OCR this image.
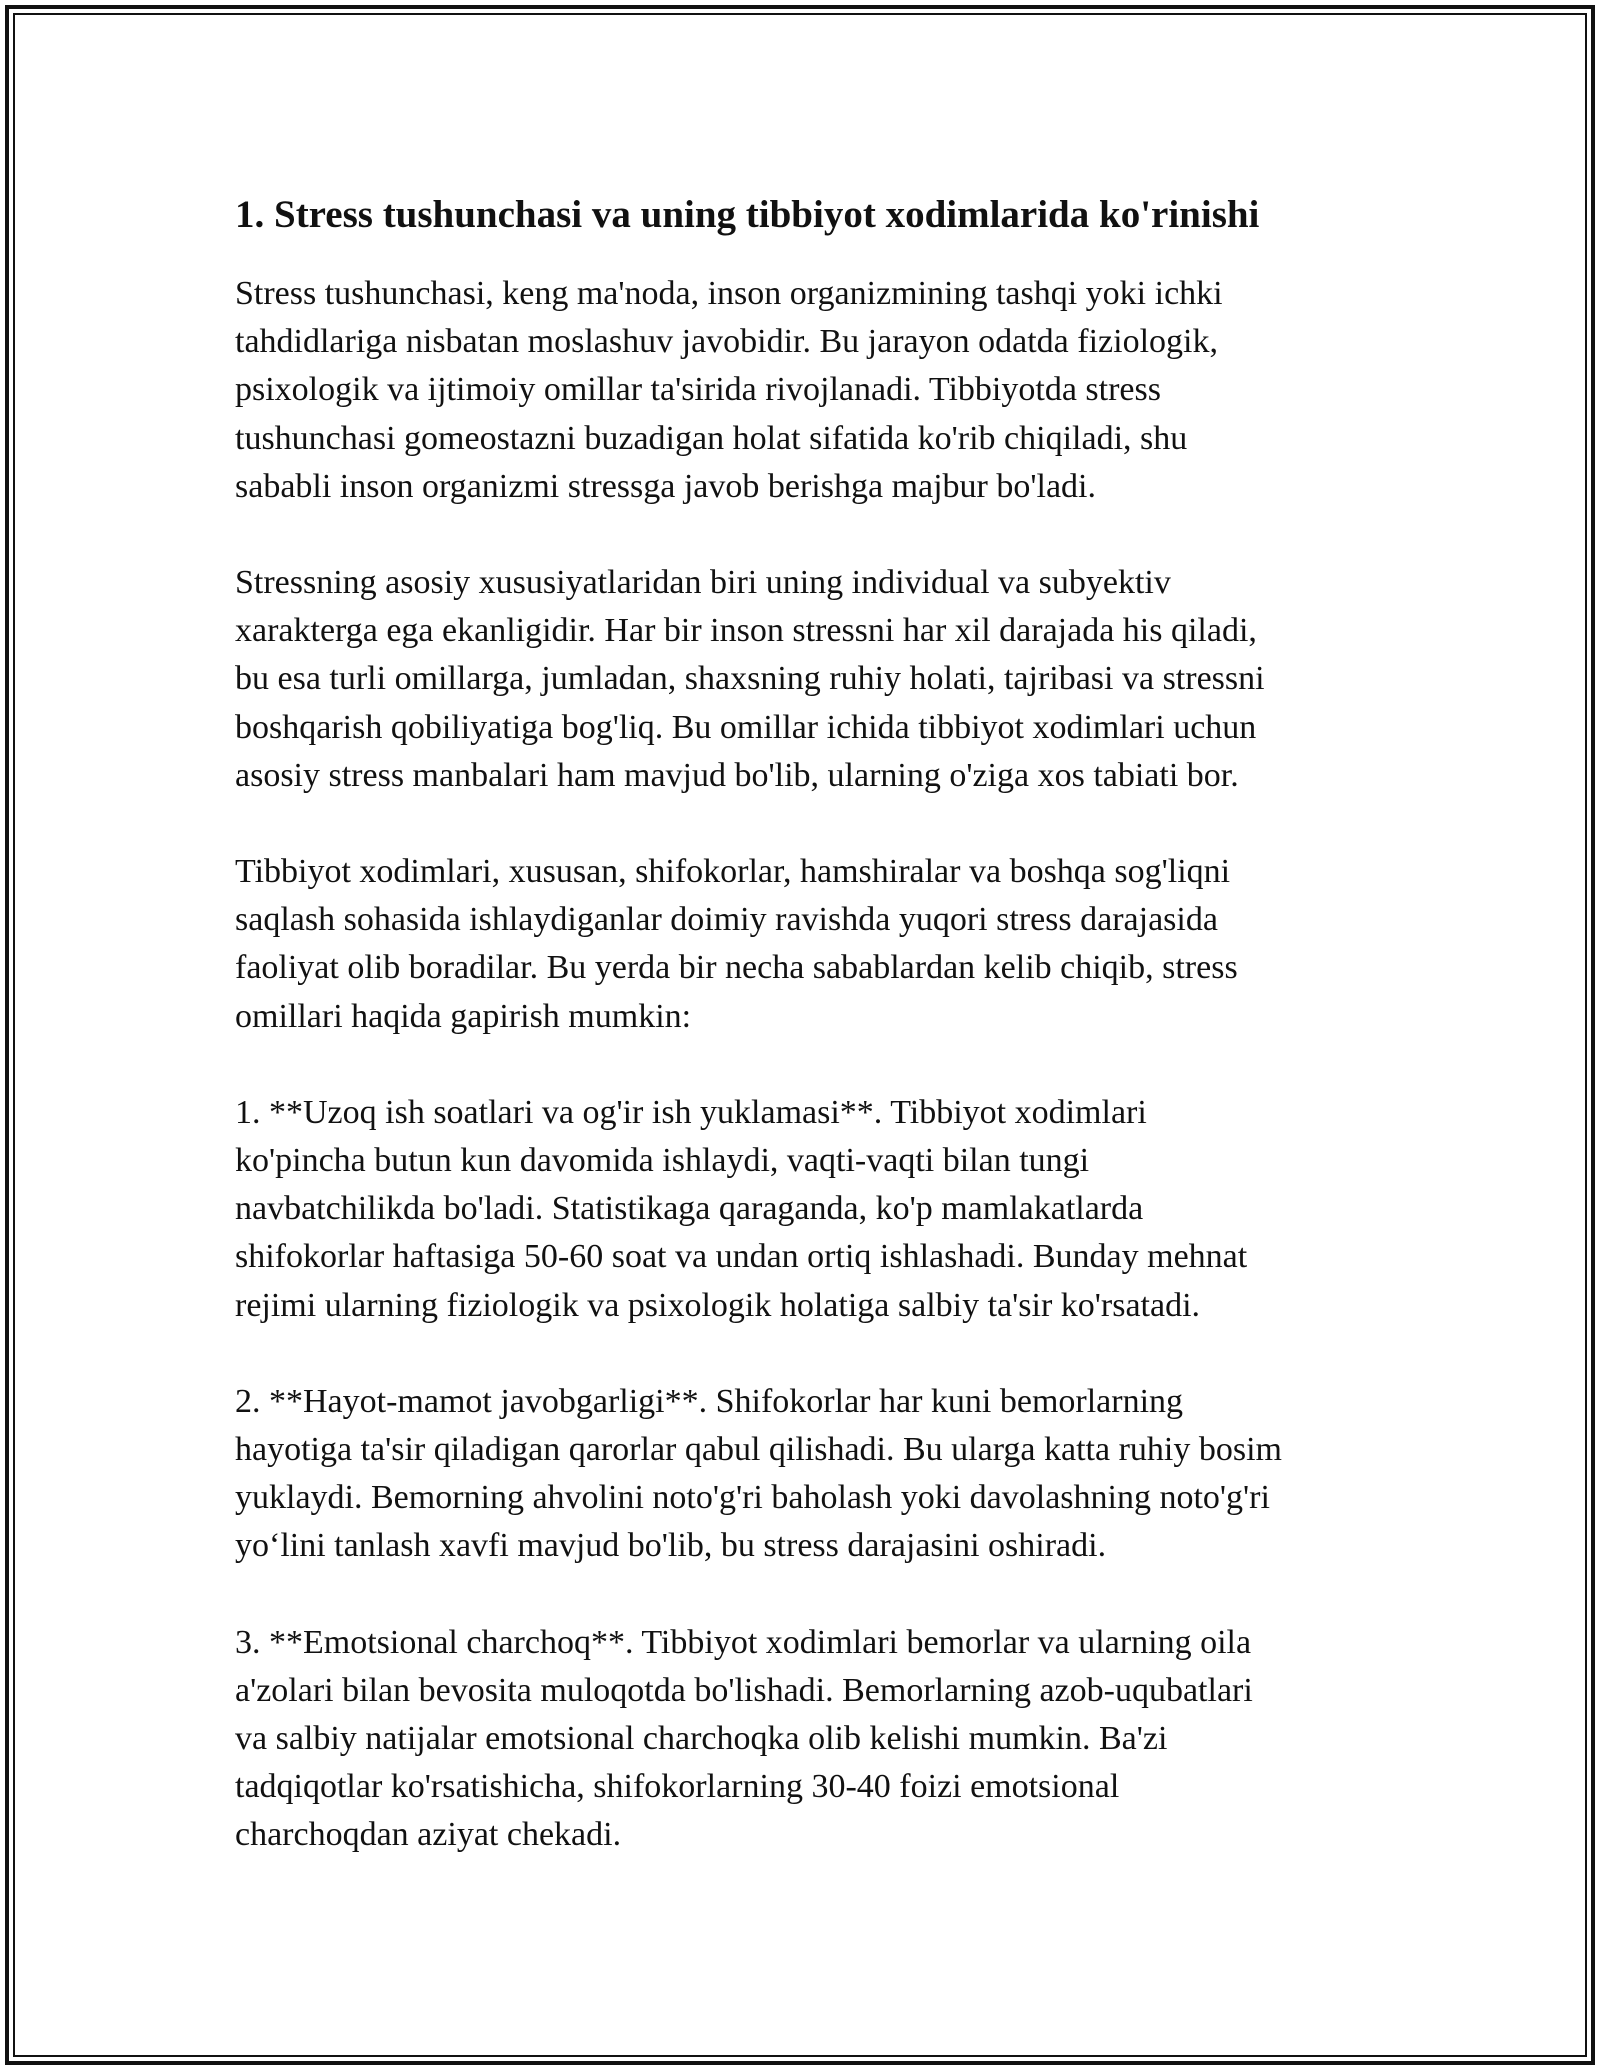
1. Stress tushunchasi va uning tibbiyot xodimlarida ko'rinishi

Stress tushunchasi, keng ma'noda, inson organizmining tashqi yoki ichki
tahdidlariga nisbatan moslashuv javobidir. Bu jarayon odatda fiziologik,
psixologik va ijtimoiy omillar ta'sirida rivojlanadi. Tibbiyotda stress
tushunchasi gomeostazni buzadigan holat sifatida ko'rib chiqiladi, shu
sababli inson organizmi stressga javob berishga majbur bo'ladi.

Stressning asosiy xususiyatlaridan biri uning individual va subyektiv
xarakterga ega ekanligidir. Har bir inson stressni har xil darajada his qiladi,
bu esa turli omillarga, jumladan, shaxsning ruhiy holati, tajribasi va stressni
boshqarish qobiliyatiga bog'liq. Bu omillar ichida tibbiyot xodimlari uchun
asosiy stress manbalari ham mavjud bo'lib, ularning o'ziga xos tabiati bor.

Tibbiyot xodimlari, xususan, shifokorlar, hamshiralar va boshqa sog'liqni
saqlash sohasida ishlaydiganlar doimiy ravishda yuqori stress darajasida
faoliyat olib boradilar. Bu yerda bir necha sabablardan kelib chiqib, stress
omillari haqida gapirish mumkin:

1. **Uzoq ish soatlari va og'ir ish yuklamasi**. Tibbiyot xodimlari
ko'pincha butun kun davomida ishlaydi, vaqti-vaqti bilan tungi
navbatchilikda bo'ladi. Statistikaga qaraganda, ko'p mamlakatlarda
shifokorlar haftasiga 50-60 soat va undan ortiq ishlashadi. Bunday mehnat
rejimi ularning fiziologik va psixologik holatiga salbiy ta'sir ko'rsatadi.

2. **Hayot-mamot javobgarligi**. Shifokorlar har kuni bemorlarning
hayotiga ta'sir qiladigan qarorlar qabul qilishadi. Bu ularga katta ruhiy bosim
yuklaydi. Bemorning ahvolini noto'g'ri baholash yoki davolashning noto'g'ri
yo‘lini tanlash xavfi mavjud bo'lib, bu stress darajasini oshiradi.

3. **Emotsional charchoq**. Tibbiyot xodimlari bemorlar va ularning oila
a'zolari bilan bevosita muloqotda bo'lishadi. Bemorlarning azob-uqubatlari
va salbiy natijalar emotsional charchoqka olib kelishi mumkin. Ba'zi
tadqiqotlar ko'rsatishicha, shifokorlarning 30-40 foizi emotsional
charchoqdan aziyat chekadi.
